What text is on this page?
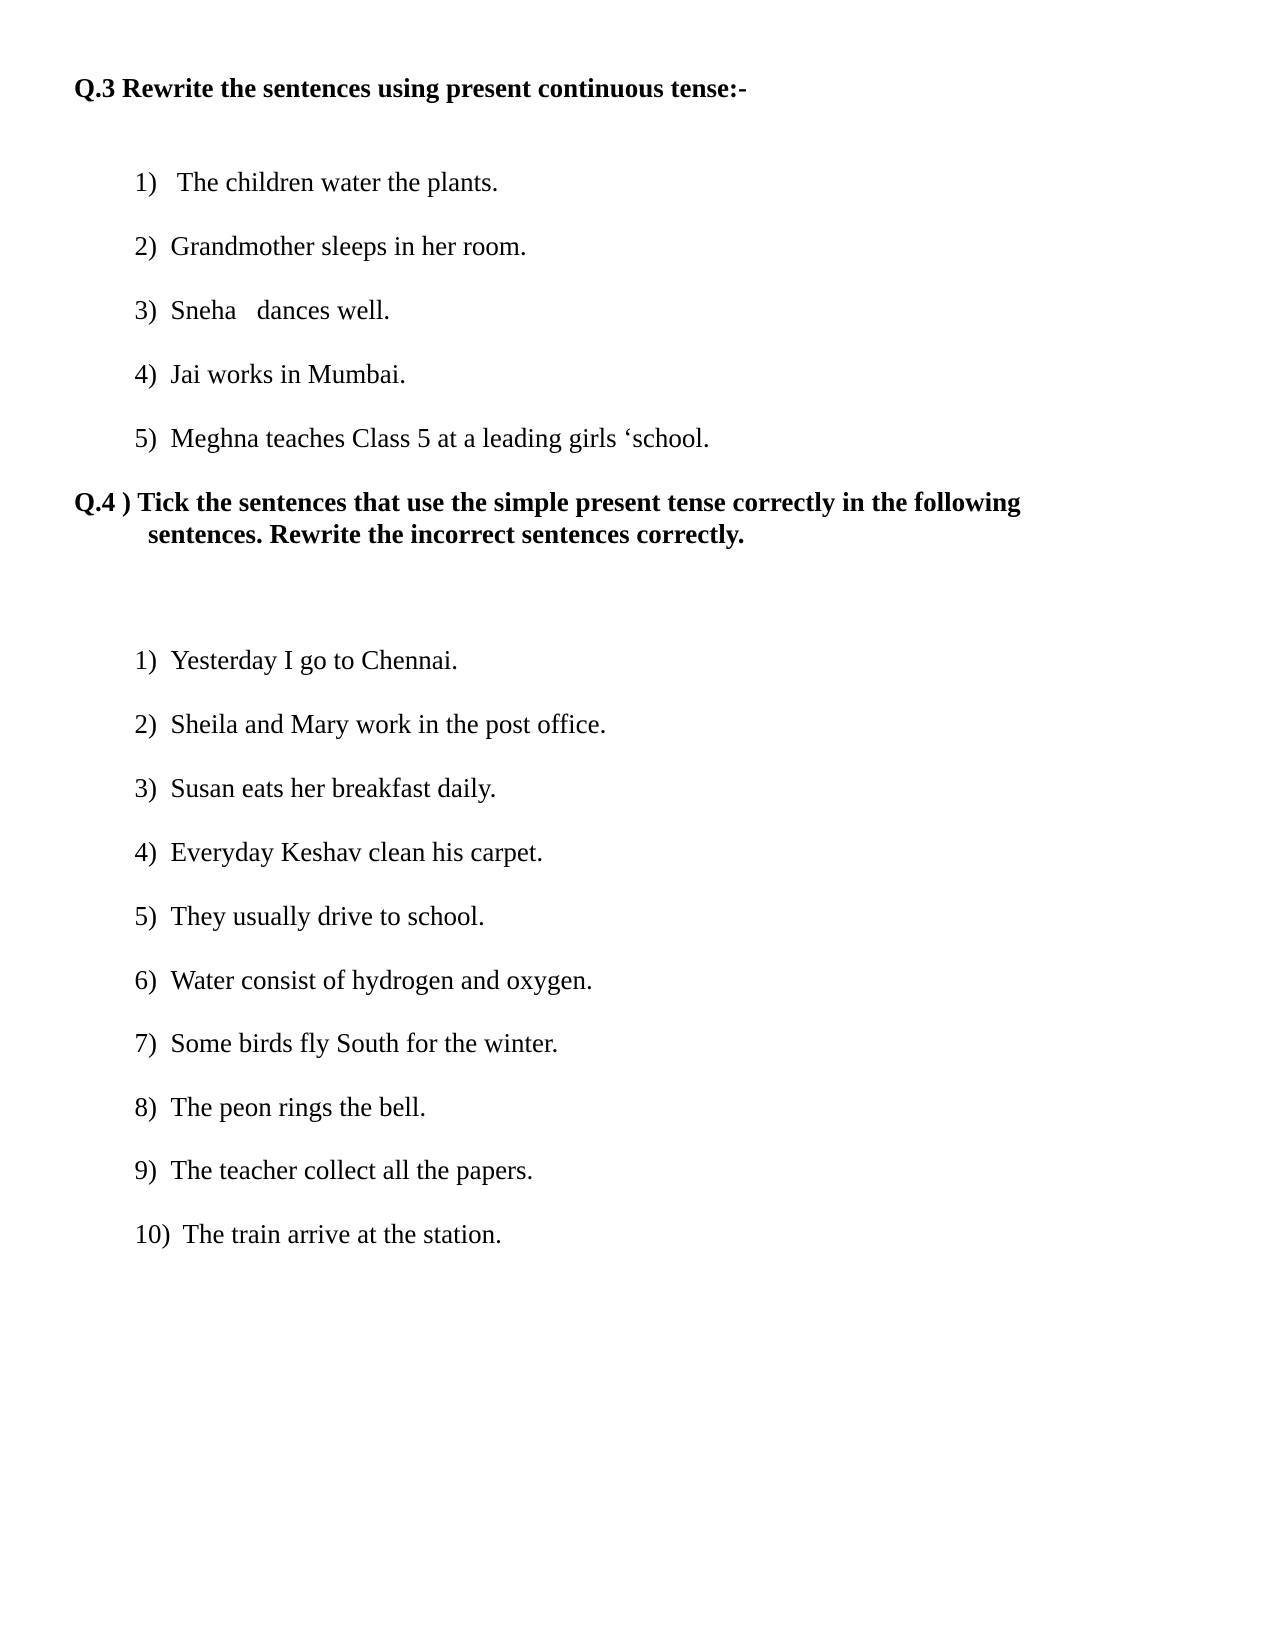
Q.3 Rewrite the sentences using present continuous tense:-

1) The children water the plants.

2) Grandmother sleeps in her room.

3) Sneha   dances well.

4) Jai works in Mumbai.

5) Meghna teaches Class 5 at a leading girls ‘school.

Q.4 ) Tick the sentences that use the simple present tense correctly in the following
sentences. Rewrite the incorrect sentences correctly.

1) Yesterday I go to Chennai.

2) Sheila and Mary work in the post office.

3) Susan eats her breakfast daily.

4) Everyday Keshav clean his carpet.

5) They usually drive to school.

6) Water consist of hydrogen and oxygen.

7) Some birds fly South for the winter.

8) The peon rings the bell.

9) The teacher collect all the papers.

10) The train arrive at the station.
